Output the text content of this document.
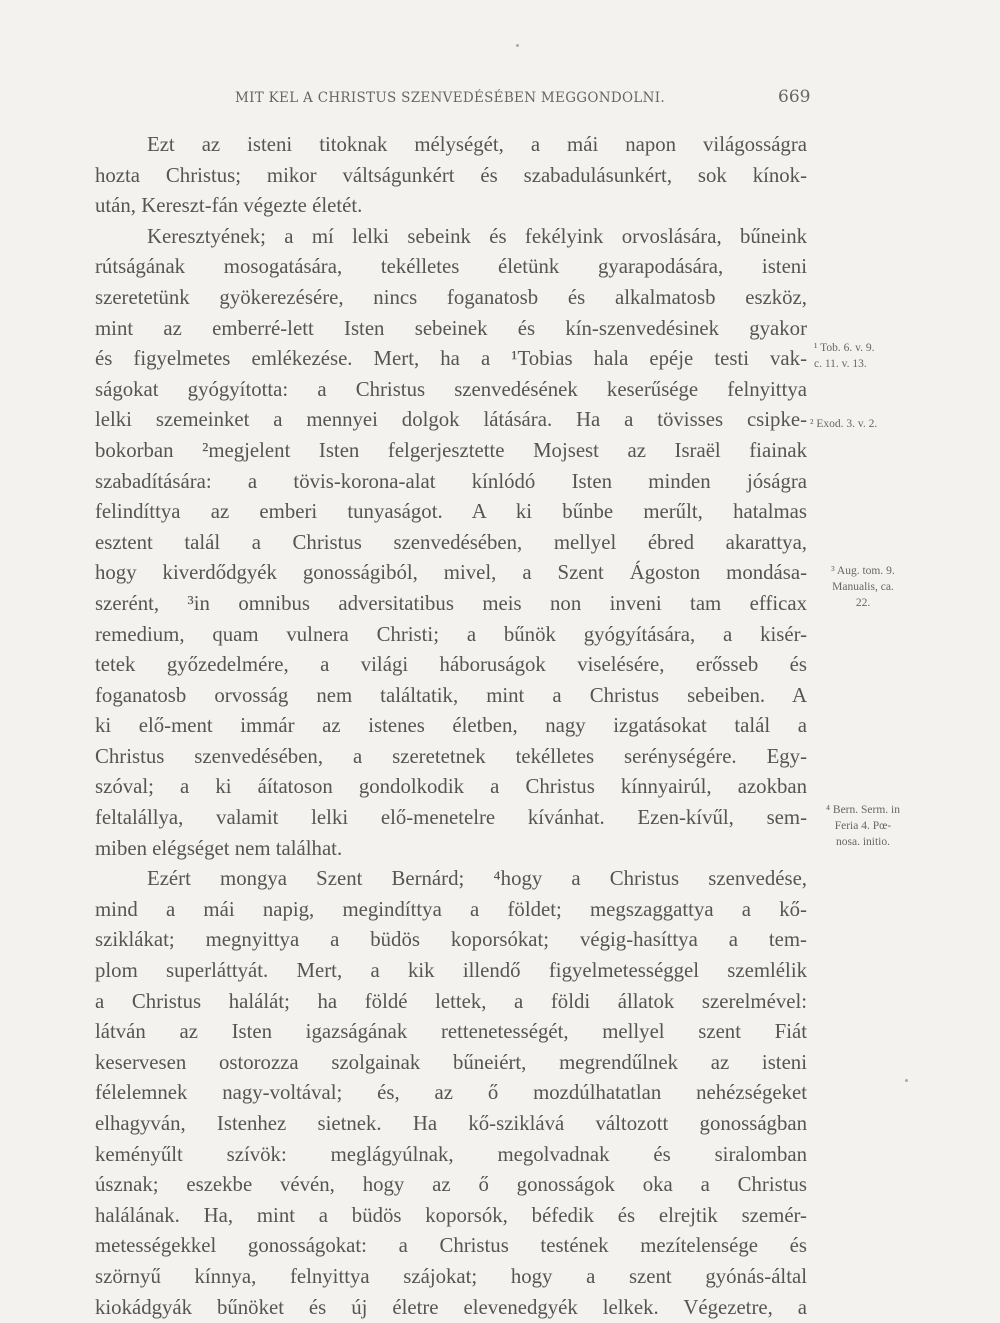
MIT KEL A CHRISTUS SZENVEDÉSÉBEN MEGGONDOLNI.	669
Ezt az isteni titoknak mélységét, a mái napon világosságra
hozta Christus; mikor váltságunkért és szabadulásunkért, sok kínok-
után, Kereszt-fán végezte életét.
Keresztyének; a mí lelki sebeink és fekélyink orvoslására, bűneink
rútságának mosogatására, tekélletes életünk gyarapodására, isteni
szeretetünk gyökerezésére, nincs foganatosb és alkalmatosb eszköz,
mint az emberré-lett Isten sebeinek és kín-szenvedésinek gyakor
és figyelmetes emlékezése. Mert, ha a ¹Tobias hala epéje testi vak-
ságokat gyógyította: a Christus szenvedésének keserűsége felnyittya
lelki szemeinket a mennyei dolgok látására. Ha a tövisses csipke-
bokorban ²megjelent Isten felgerjesztette Mojsest az Israël fiainak
szabadítására: a tövis-korona-alat kínlódó Isten minden jóságra
felindíttya az emberi tunyaságot. A ki bűnbe merűlt, hatalmas
esztent talál a Christus szenvedésében, mellyel ébred akarattya,
hogy kiverdődgyék gonosságiból, mivel, a Szent Ágoston mondása-
szerént, ³in omnibus adversitatibus meis non inveni tam efficax
remedium, quam vulnera Christi; a bűnök gyógyítására, a kisér-
tetek győzedelmére, a világi háboruságok viselésére, erősseb és
foganatosb orvosság nem találtatik, mint a Christus sebeiben. A
ki elő-ment immár az istenes életben, nagy izgatásokat talál a
Christus szenvedésében, a szeretetnek tekélletes serénységére. Egy-
szóval; a ki áítatoson gondolkodik a Christus kínnyairúl, azokban
feltalállya, valamit lelki elő-menetelre kívánhat. Ezen-kívűl, sem-
miben elégséget nem találhat.
Ezért mongya Szent Bernárd; ⁴hogy a Christus szenvedése,
mind a mái napig, megindíttya a földet; megszaggattya a kő-
sziklákat; megnyittya a büdös koporsókat; végig-hasíttya a tem-
plom superláttyát. Mert, a kik illendő figyelmetességgel szemlélik
a Christus halálát; ha földé lettek, a földi állatok szerelmével:
látván az Isten igazságának rettenetességét, mellyel szent Fiát
keservesen ostorozza szolgainak bűneiért, megrendűlnek az isteni
félelemnek nagy-voltával; és, az ő mozdúlhatatlan nehézségeket
elhagyván, Istenhez sietnek. Ha kő-sziklává változott gonosságban
keményűlt szívök: meglágyúlnak, megolvadnak és siralomban
úsznak; eszekbe vévén, hogy az ő gonosságok oka a Christus
halálának. Ha, mint a büdös koporsók, béfedik és elrejtik szemér-
metességekkel gonosságokat: a Christus testének mezítelensége és
szörnyű kínnya, felnyittya szájokat; hogy a szent gyónás-által
kiokádgyák bűnöket és új életre elevenedgyék lelkek. Végezetre, a
¹ Tob. 6. v. 9.
c. 11. v. 13.
² Exod. 3. v. 2.
³ Aug. tom. 9.
Manualis, ca.
22.
⁴ Bern. Serm. in
Feria 4. Pœ-
nosa. initio.
